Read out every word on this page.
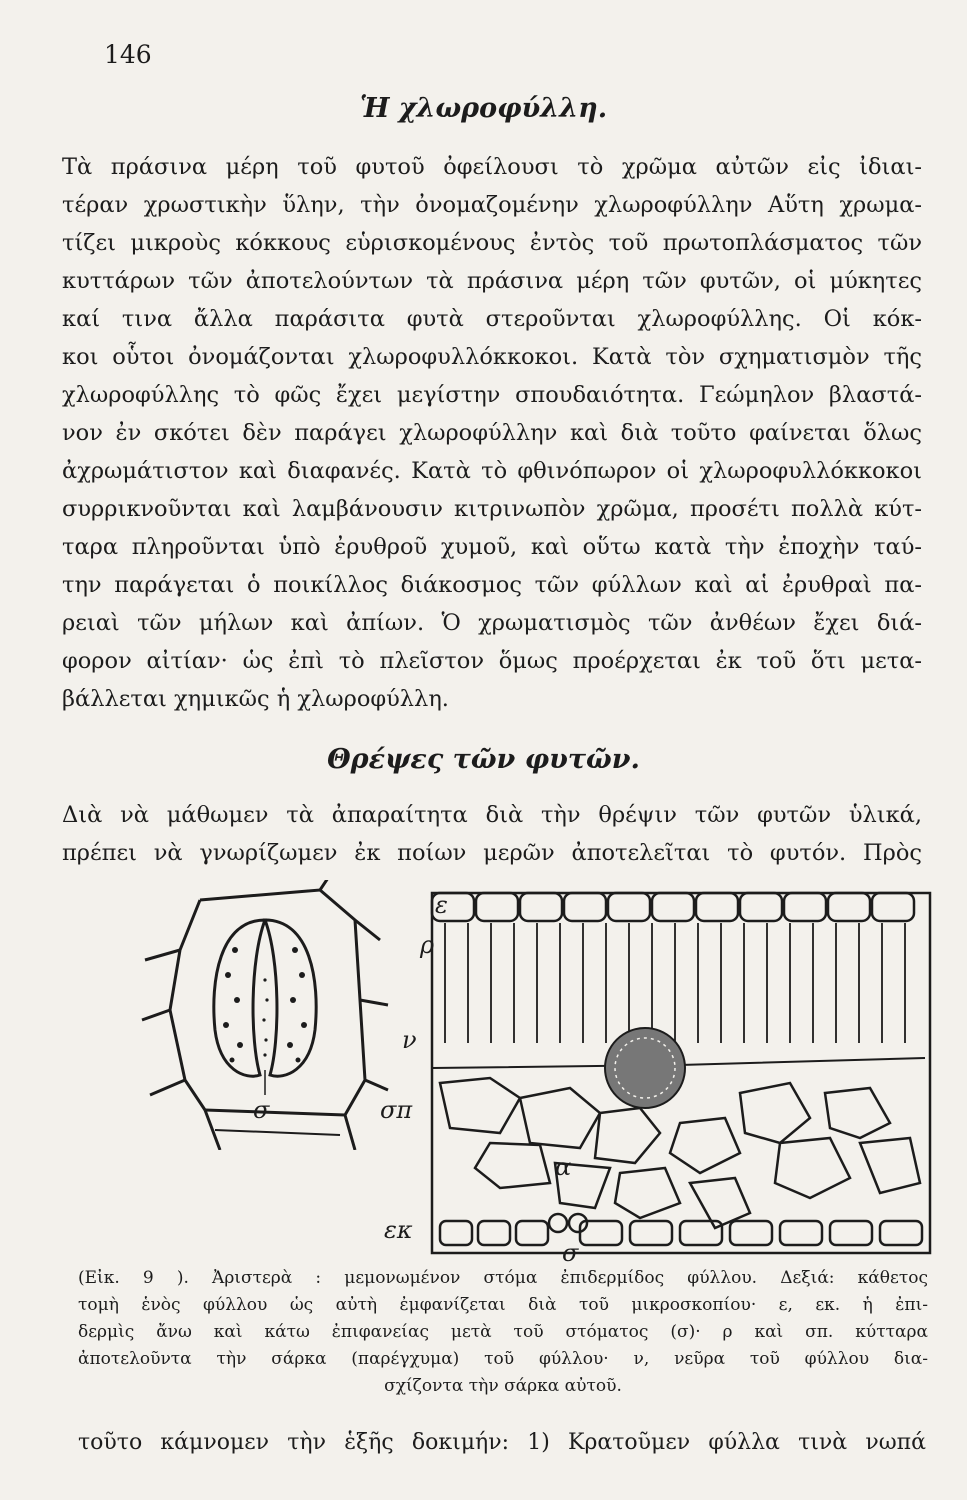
146
Ἡ χλωροφύλλη.
Τὰ πράσινα μέρη τοῦ φυτοῦ ὀφείλουσι τὸ χρῶμα αὐτῶν εἰς ἰδιαι-
τέραν χρωστικὴν ὕλην, τὴν ὀνομαζομένην χλωροφύλλην Αὕτη χρωμα-
τίζει μικροὺς κόκκους εὑρισκομένους ἐντὸς τοῦ πρωτοπλάσματος τῶν
κυττάρων τῶν ἀποτελούντων τὰ πράσινα μέρη τῶν φυτῶν, οἱ μύκητες
καί τινα ἄλλα παράσιτα φυτὰ στεροῦνται χλωροφύλλης. Οἱ κόκ-
κοι οὗτοι ὀνομάζονται χλωροφυλλόκκοκοι. Κατὰ τὸν σχηματισμὸν τῆς
χλωροφύλλης τὸ φῶς ἔχει μεγίστην σπουδαιότητα. Γεώμηλον βλαστά-
νον ἐν σκότει δὲν παράγει χλωροφύλλην καὶ διὰ τοῦτο φαίνεται ὅλως
ἀχρωμάτιστον καὶ διαφανές. Κατὰ τὸ φθινόπωρον οἱ χλωροφυλλόκκοκοι
συρρικνοῦνται καὶ λαμβάνουσιν κιτρινωπὸν χρῶμα, προσέτι πολλὰ κύτ-
ταρα πληροῦνται ὑπὸ ἐρυθροῦ χυμοῦ, καὶ οὕτω κατὰ τὴν ἐποχὴν ταύ-
την παράγεται ὁ ποικίλλος διάκοσμος τῶν φύλλων καὶ αἱ ἐρυθραὶ πα-
ρειαὶ τῶν μήλων καὶ ἀπίων. Ὁ χρωματισμὸς τῶν ἀνθέων ἔχει διά-
φορον αἰτίαν· ὡς ἐπὶ τὸ πλεῖστον ὅμως προέρχεται ἐκ τοῦ ὅτι μετα-
βάλλεται χημικῶς ἡ χλωροφύλλη.
Θρέψες τῶν φυτῶν.
Διὰ νὰ μάθωμεν τὰ ἀπαραίτητα διὰ τὴν θρέψιν τῶν φυτῶν ὑλικά,
πρέπει νὰ γνωρίζωμεν ἐκ ποίων μερῶν ἀποτελεῖται τὸ φυτόν. Πρὸς
σ
ε
ρ
ν
σπ
α
εκ
σ
(Εἰκ. 9 ). Ἀριστερὰ : μεμονωμένον στόμα ἐπιδερμίδος φύλλου. Δεξιά: κάθετος
τομὴ ἑνὸς φύλλου ὡς αὐτὴ ἐμφανίζεται διὰ τοῦ μικροσκοπίου· ε, εκ. ἡ ἐπι-
δερμὶς ἄνω καὶ κάτω ἐπιφανείας μετὰ τοῦ στόματος (σ)· ρ καὶ σπ. κύτταρα
ἀποτελοῦντα τὴν σάρκα (παρέγχυμα) τοῦ φύλλου· ν, νεῦρα τοῦ φύλλου δια-
σχίζοντα τὴν σάρκα αὐτοῦ.
τοῦτο κάμνομεν τὴν ἑξῆς δοκιμήν: 1) Κρατοῦμεν φύλλα τινὰ νωπά
